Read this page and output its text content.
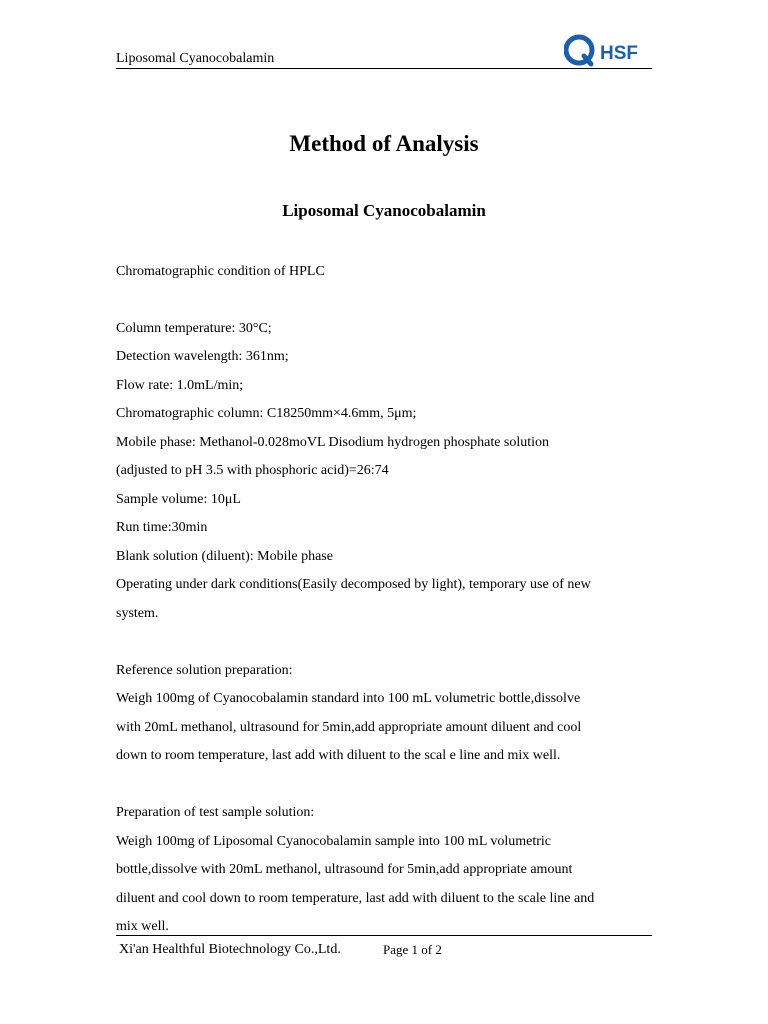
Liposomal Cyanocobalamin	HSF
Method of Analysis
Liposomal Cyanocobalamin
Chromatographic condition of HPLC
Column temperature: 30°C;
Detection wavelength: 361nm;
Flow rate: 1.0mL/min;
Chromatographic column: C18250mm×4.6mm, 5μm;
Mobile phase: Methanol-0.028moVL Disodium hydrogen phosphate solution
(adjusted to pH 3.5 with phosphoric acid)=26:74
Sample volume: 10μL
Run time:30min
Blank solution (diluent): Mobile phase
Operating under dark conditions(Easily decomposed by light), temporary use of new
system.
Reference solution preparation:
Weigh 100mg of Cyanocobalamin standard into 100 mL volumetric bottle,dissolve
with 20mL methanol, ultrasound for 5min,add appropriate amount diluent and cool
down to room temperature, last add with diluent to the scal e line and mix well.
Preparation of test sample solution:
Weigh 100mg of Liposomal Cyanocobalamin sample into 100 mL volumetric
bottle,dissolve with 20mL methanol, ultrasound for 5min,add appropriate amount
diluent and cool down to room temperature, last add with diluent to the scale line and
mix well.
Xi'an Healthful Biotechnology Co.,Ltd.	Page 1 of 2
